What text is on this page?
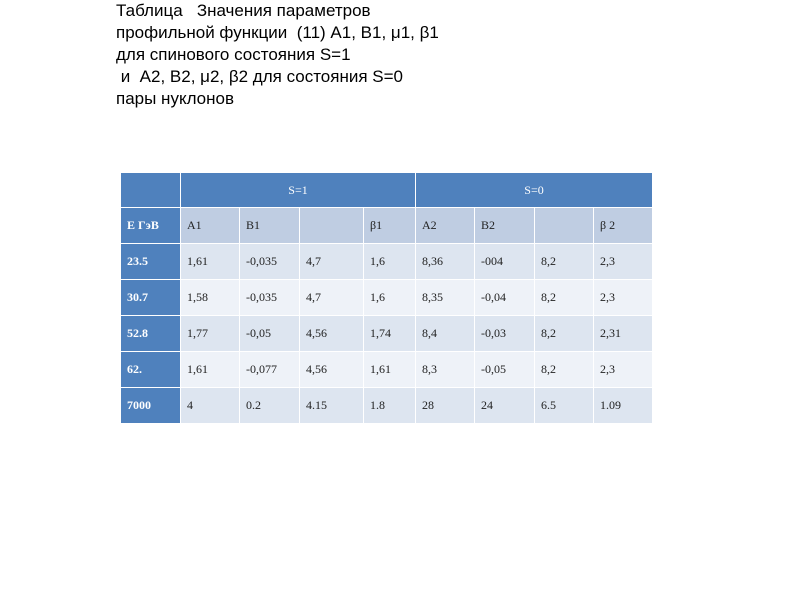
Таблица   Значения параметров
профильной функции  (11) A1, B1, μ1, β1
для спинового состояния S=1
и  A2, B2, μ2, β2 для состояния S=0
пары нуклонов
	S=1				S=0			
E ГэВ	A1	B1		β1	A2	B2		β 2
23.5	1,61	-0,035	4,7	1,6	8,36	-004	8,2	2,3
30.7	1,58	-0,035	4,7	1,6	8,35	-0,04	8,2	2,3
52.8	1,77	-0,05	4,56	1,74	8,4	-0,03	8,2	2,31
62.	1,61	-0,077	4,56	1,61	8,3	-0,05	8,2	2,3
7000	4	0.2	4.15	1.8	28	24	6.5	1.09
